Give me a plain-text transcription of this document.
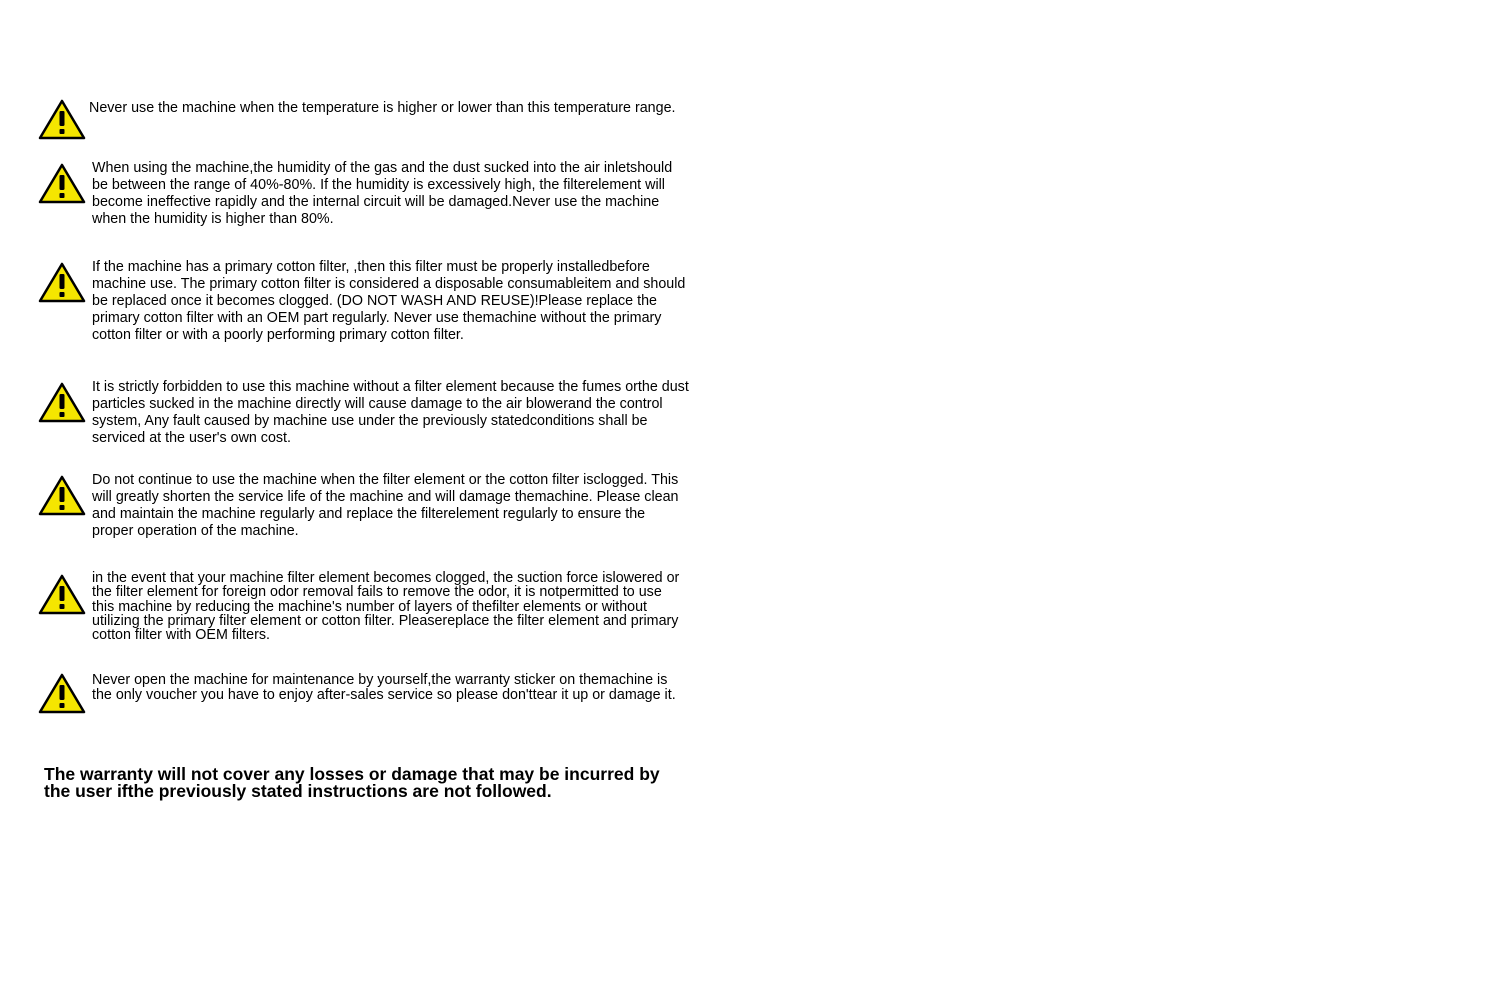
Never use the machine when the temperature is higher or lower than this temperature range.
When using the machine,the humidity of the gas and the dust sucked into the air inletshould
be between the range of 40%-80%. If the humidity is excessively high, the filterelement will
become ineffective rapidly and the internal circuit will be damaged.Never use the machine
when the humidity is higher than 80%.
If the machine has a primary cotton filter, ,then this filter must be properly installedbefore
machine use. The primary cotton filter is considered a disposable consumableitem and should
be replaced once it becomes clogged. (DO NOT WASH AND REUSE)!Please replace the
primary cotton filter with an OEM part regularly. Never use themachine without the primary
cotton filter or with a poorly performing primary cotton filter.
It is strictly forbidden to use this machine without a filter element because the fumes orthe dust
particles sucked in the machine directly will cause damage to the air blowerand the control
system, Any fault caused by machine use under the previously statedconditions shall be
serviced at the user's own cost.
Do not continue to use the machine when the filter element or the cotton filter isclogged. This
will greatly shorten the service life of the machine and will damage themachine. Please clean
and maintain the machine regularly and replace the filterelement regularly to ensure the
proper operation of the machine.
in the event that your machine filter element becomes clogged, the suction force islowered or
the filter element for foreign odor removal fails to remove the odor, it is notpermitted to use
this machine by reducing the machine's number of layers of thefilter elements or without
utilizing the primary filter element or cotton filter. Pleasereplace the filter element and primary
cotton filter with OEM filters.
Never open the machine for maintenance by yourself,the warranty sticker on themachine is
the only voucher you have to enjoy after-sales service so please don'ttear it up or damage it.
The warranty will not cover any losses or damage that may be incurred by
the user ifthe previously stated instructions are not followed.
